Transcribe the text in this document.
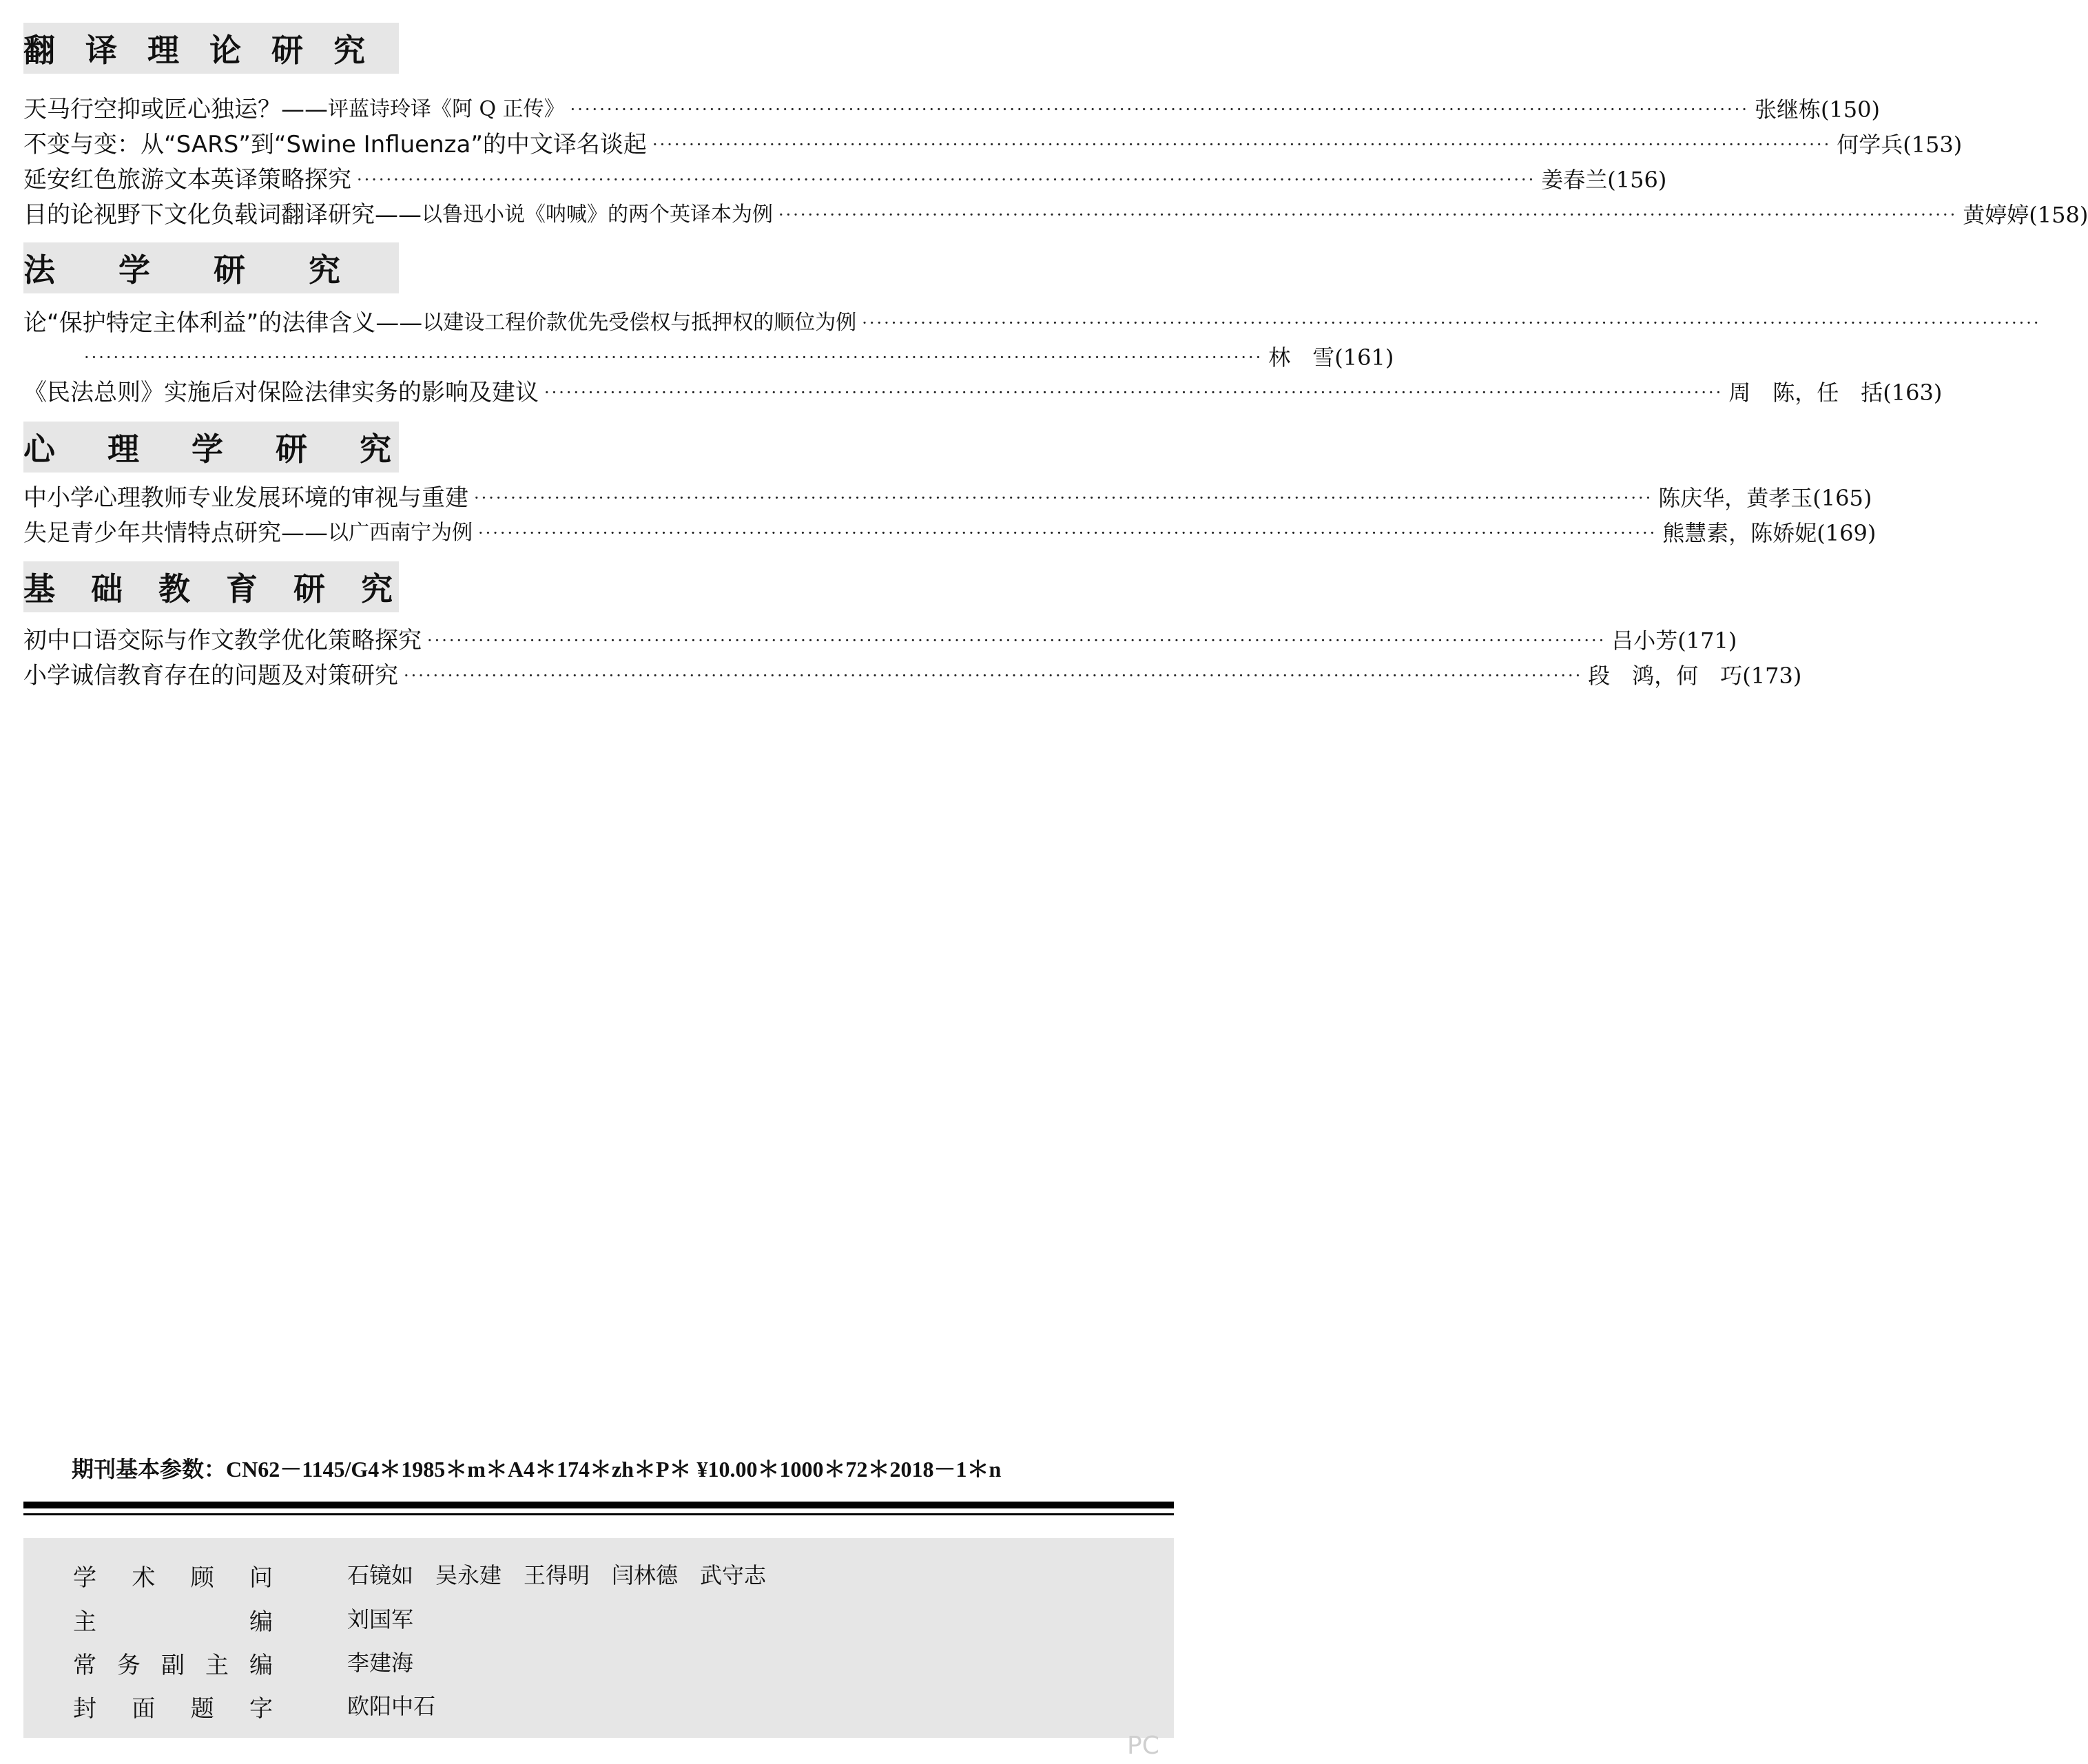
翻 译 理 论 研 究
天马行空抑或匠心独运？—— 评蓝诗玲译《阿 Q 正传》 ································································································································································· 张继栋(150)
不变与变：从“SARS”到“Swine Influenza”的中文译名谈起 ································································································································································· 何学兵(153)
延安红色旅游文本英译策略探究 ································································································································································· 姜春兰(156)
目的论视野下文化负载词翻译研究—— 以鲁迅小说《呐喊》的两个英译本为例 ································································································································································· 黄婷婷(158)
法　　学　　研　　究
论“保护特定主体利益”的法律含义—— 以建设工程价款优先受偿权与抵押权的顺位为例 ·································································································································································
································································································································································· 林　雪(161)
《民法总则》实施后对保险法律实务的影响及建议 ································································································································································· 周　陈，任　括(163)
心 理 学 研 究
中小学心理教师专业发展环境的审视与重建 ································································································································································· 陈庆华，黄孝玉(165)
失足青少年共情特点研究—— 以广西南宁为例 ································································································································································· 熊慧素，陈娇妮(169)
基 础 教 育 研 究
初中口语交际与作文教学优化策略探究 ································································································································································· 吕小芳(171)
小学诚信教育存在的问题及对策研究 ································································································································································· 段　鸿，何　巧(173)
期刊基本参数：CN62－1145/G4＊1985＊m＊A4＊174＊zh＊P＊ ¥10.00＊1000＊72＊2018－1＊n
学 术 顾 问	石镜如　吴永建　王得明　闫林德　武守志
主	编	刘国军
常 务 副 主 编	李建海
封 面 题 字	欧阳中石
PC
